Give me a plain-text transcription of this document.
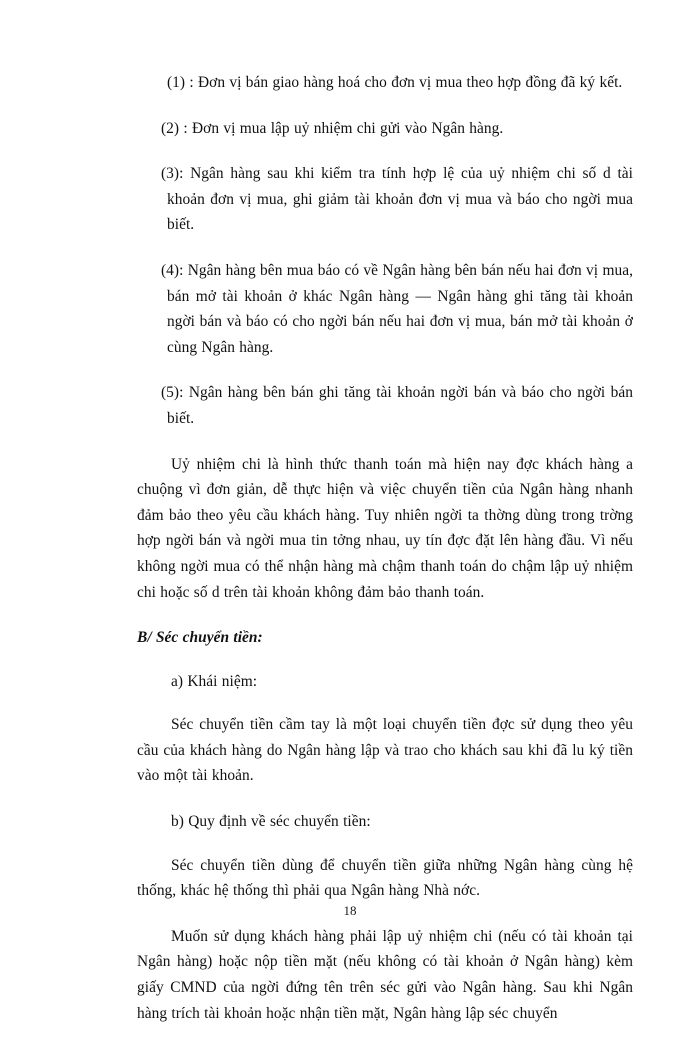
(1) : Đơn vị bán giao hàng hoá cho đơn vị mua theo hợp đồng đã ký kết.

(2) : Đơn vị mua lập uỷ nhiệm chi gửi vào Ngân hàng.

(3): Ngân hàng sau khi kiểm tra tính hợp lệ của uỷ nhiệm chi số d tài khoản đơn vị mua, ghi giảm tài khoản đơn vị mua và báo cho ngời mua biết.

(4): Ngân hàng bên mua báo có về Ngân hàng bên bán nếu hai đơn vị mua, bán mở tài khoản ở khác Ngân hàng — Ngân hàng ghi tăng tài khoản ngời bán và báo có cho ngời bán nếu hai đơn vị mua, bán mở tài khoản ở cùng Ngân hàng.

(5): Ngân hàng bên bán ghi tăng tài khoản ngời bán và báo cho ngời bán biết.

Uỷ nhiệm chi là hình thức thanh toán mà hiện nay đợc khách hàng a chuộng vì đơn giản, dễ thực hiện và việc chuyển tiền của Ngân hàng nhanh đảm bảo theo yêu cầu khách hàng. Tuy nhiên ngời ta thờng dùng trong trờng hợp ngời bán và ngời mua tin tởng nhau, uy tín đợc đặt lên hàng đầu. Vì nếu không ngời mua có thể nhận hàng mà chậm thanh toán do chậm lập uỷ nhiệm chi hoặc số d trên tài khoản không đảm bảo thanh toán.

B/ Séc chuyển tiền:

a) Khái niệm:

Séc chuyển tiền cầm tay là một loại chuyển tiền đợc sử dụng theo yêu cầu của khách hàng do Ngân hàng lập và trao cho khách sau khi đã lu ký tiền vào một tài khoản.

b) Quy định về séc chuyển tiền:

Séc chuyển tiền dùng để chuyển tiền giữa những Ngân hàng cùng hệ thống, khác hệ thống thì phải qua Ngân hàng Nhà nớc.

Muốn sử dụng khách hàng phải lập uỷ nhiệm chi (nếu có tài khoản tại Ngân hàng) hoặc nộp tiền mặt (nếu không có tài khoản ở Ngân hàng) kèm giấy CMND của ngời đứng tên trên séc gửi vào Ngân hàng. Sau khi Ngân hàng trích tài khoản hoặc nhận tiền mặt, Ngân hàng lập séc chuyển

18
